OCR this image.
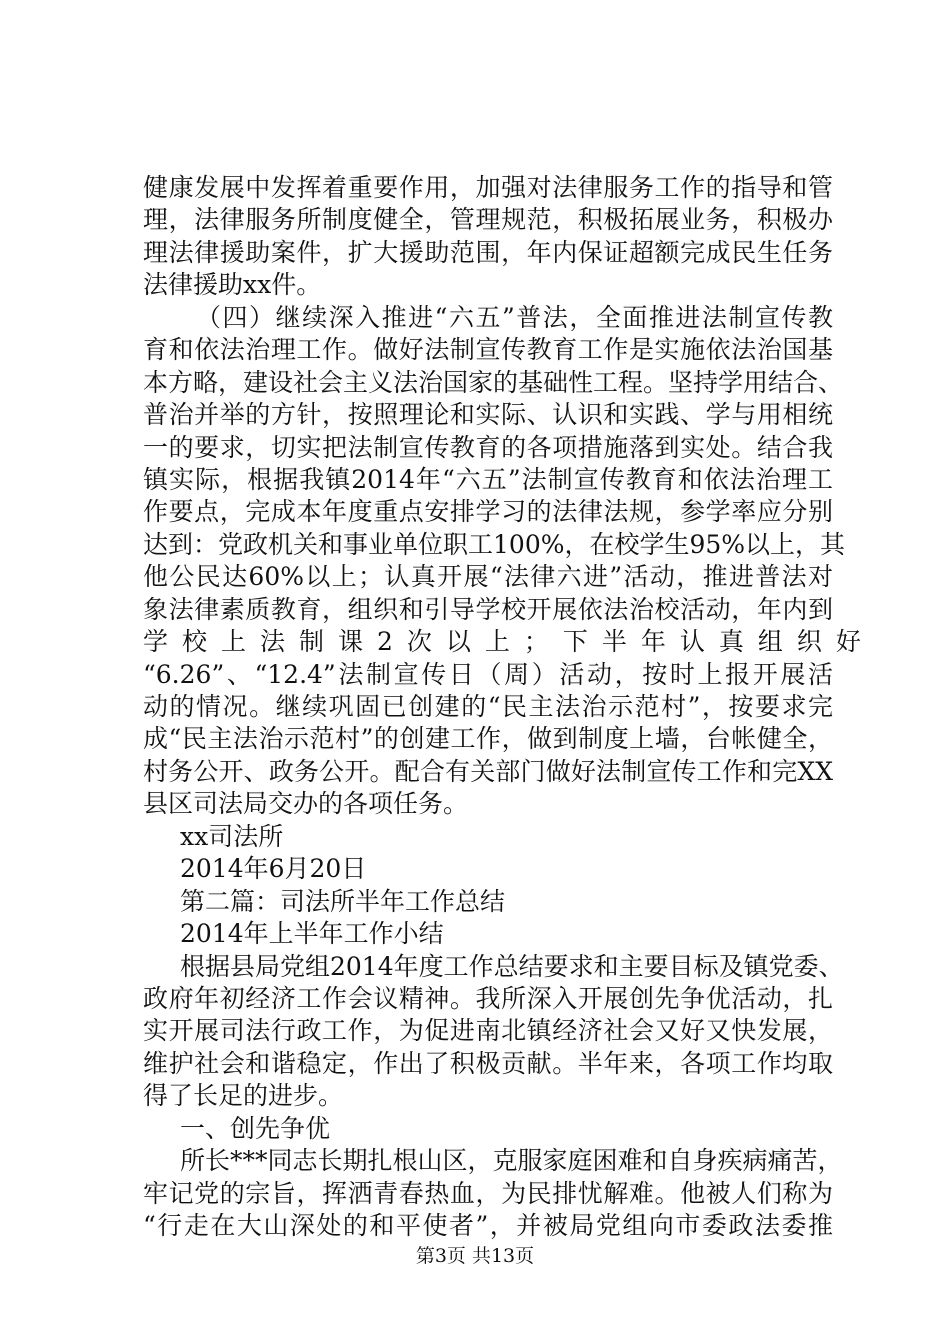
健康发展中发挥着重要作用，加强对法律服务工作的指导和管
理，法律服务所制度健全，管理规范，积极拓展业务，积极办
理法律援助案件，扩大援助范围，年内保证超额完成民生任务
法律援助xx件。
（四）继续深入推进“六五”普法，全面推进法制宣传教
育和依法治理工作。做好法制宣传教育工作是实施依法治国基
本方略，建设社会主义法治国家的基础性工程。坚持学用结合、
普治并举的方针，按照理论和实际、认识和实践、学与用相统
一的要求，切实把法制宣传教育的各项措施落到实处。结合我
镇实际，根据我镇2014年“六五”法制宣传教育和依法治理工
作要点，完成本年度重点安排学习的法律法规，参学率应分别
达到：党政机关和事业单位职工100%，在校学生95%以上，其
他公民达60%以上；认真开展“法律六进”活动，推进普法对
象法律素质教育，组织和引导学校开展依法治校活动，年内到
学校上法制课2次以上；下半年认真组织好
“6.26”、“12.4”法制宣传日（周）活动，按时上报开展活
动的情况。继续巩固已创建的“民主法治示范村”，按要求完
成“民主法治示范村”的创建工作，做到制度上墙，台帐健全，
村务公开、政务公开。配合有关部门做好法制宣传工作和完XX
县区司法局交办的各项任务。
xx司法所
2014年6月20日
第二篇：司法所半年工作总结
2014年上半年工作小结
根据县局党组2014年度工作总结要求和主要目标及镇党委、
政府年初经济工作会议精神。我所深入开展创先争优活动，扎
实开展司法行政工作，为促进南北镇经济社会又好又快发展，
维护社会和谐稳定，作出了积极贡献。半年来，各项工作均取
得了长足的进步。
一、创先争优
所长***同志长期扎根山区，克服家庭困难和自身疾病痛苦，
牢记党的宗旨，挥洒青春热血，为民排忧解难。他被人们称为
“行走在大山深处的和平使者”，并被局党组向市委政法委推
第3页 共13页
